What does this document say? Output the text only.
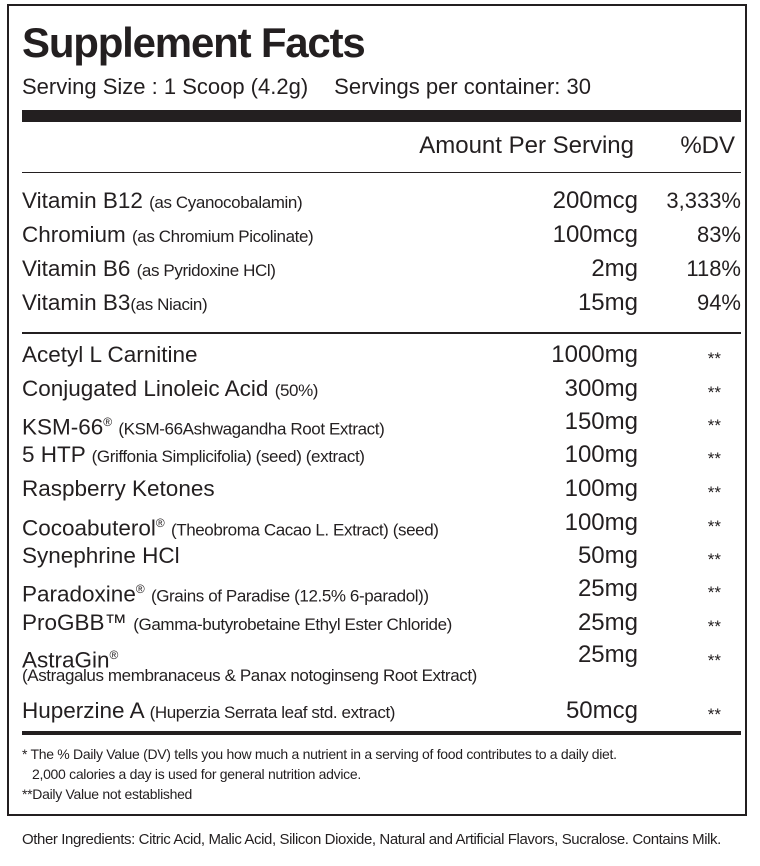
Supplement Facts
Serving Size : 1 Scoop (4.2g) Servings per container: 30
Amount Per Serving %DV
Vitamin B12 (as Cyanocobalamin)	200mcg 3,333%
Chromium (as Chromium Picolinate)	100mcg	83%
Vitamin B6 (as Pyridoxine HCl)	2mg 118%
Vitamin B3(as Niacin)	15mg	94%
Acetyl L Carnitine	1000mg	**
Conjugated Linoleic Acid (50%)	300mg	**
KSM-66® (KSM-66Ashwagandha Root Extract)	150mg	**
5 HTP (Griffonia Simplicifolia) (seed) (extract)	100mg	**
Raspberry Ketones	100mg	**
Cocoabuterol® (Theobroma Cacao L. Extract) (seed)	100mg	**
Synephrine HCl	50mg	**
Paradoxine® (Grains of Paradise (12.5% 6-paradol))	25mg	**
ProGBB™ (Gamma-butyrobetaine Ethyl Ester Chloride)	25mg	**
AstraGin®
(Astragalus membranaceus & Panax notoginseng Root Extract)
25mg	**
Huperzine A (Huperzia Serrata leaf std. extract)	50mcg	**
* The % Daily Value (DV) tells you how much a nutrient in a serving of food contributes to a daily diet.
2,000 calories a day is used for general nutrition advice.
**Daily Value not established
Other Ingredients: Citric Acid, Malic Acid, Silicon Dioxide, Natural and Artificial Flavors, Sucralose. Contains Milk.
